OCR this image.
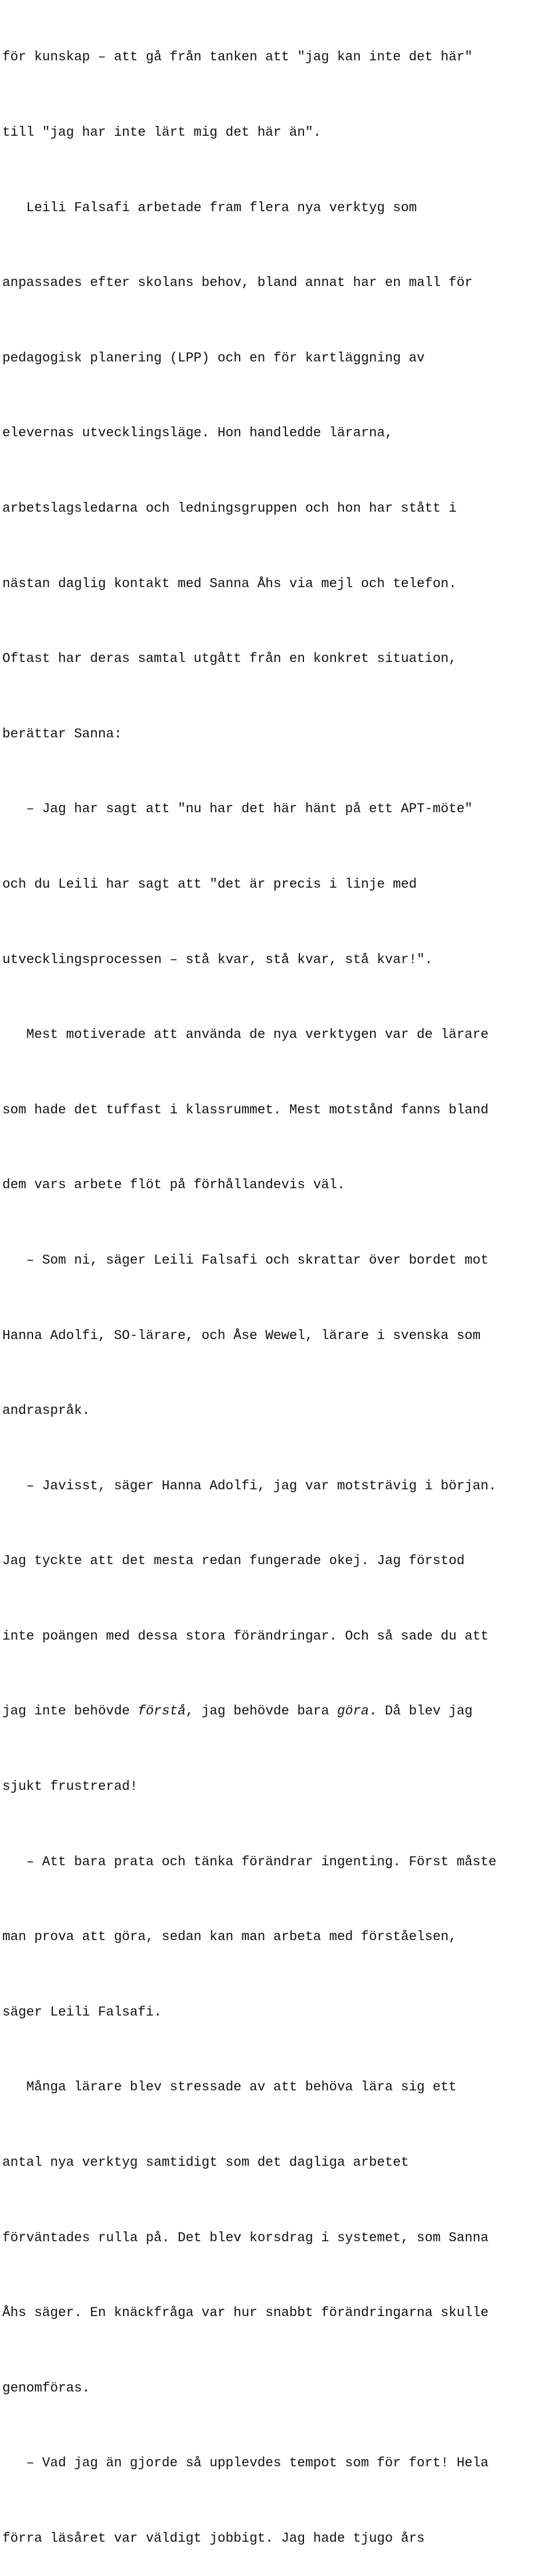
för kunskap – att gå från tanken att "jag kan inte det här"

till "jag har inte lärt mig det här än".

Leili Falsafi arbetade fram flera nya verktyg som

anpassades efter skolans behov, bland annat har en mall för

pedagogisk planering (LPP) och en för kartläggning av

elevernas utvecklingsläge. Hon handledde lärarna,

arbetslagsledarna och ledningsgruppen och hon har stått i

nästan daglig kontakt med Sanna Åhs via mejl och telefon.

Oftast har deras samtal utgått från en konkret situation,

berättar Sanna:

– Jag har sagt att "nu har det här hänt på ett APT-möte"

och du Leili har sagt att "det är precis i linje med

utvecklingsprocessen – stå kvar, stå kvar, stå kvar!".

Mest motiverade att använda de nya verktygen var de lärare

som hade det tuffast i klassrummet. Mest motstånd fanns bland

dem vars arbete flöt på förhållandevis väl.

– Som ni, säger Leili Falsafi och skrattar över bordet mot

Hanna Adolfi, SO-lärare, och Åse Wewel, lärare i svenska som

andraspråk.

– Javisst, säger Hanna Adolfi, jag var motsträvig i början.

Jag tyckte att det mesta redan fungerade okej. Jag förstod

inte poängen med dessa stora förändringar. Och så sade du att

jag inte behövde förstå, jag behövde bara göra. Då blev jag

sjukt frustrerad!

– Att bara prata och tänka förändrar ingenting. Först måste

man prova att göra, sedan kan man arbeta med förståelsen,

säger Leili Falsafi.

Många lärare blev stressade av att behöva lära sig ett

antal nya verktyg samtidigt som det dagliga arbetet

förväntades rulla på. Det blev korsdrag i systemet, som Sanna

Åhs säger. En knäckfråga var hur snabbt förändringarna skulle

genomföras.

– Vad jag än gjorde så upplevdes tempot som för fort! Hela

förra läsåret var väldigt jobbigt. Jag hade tjugo års
